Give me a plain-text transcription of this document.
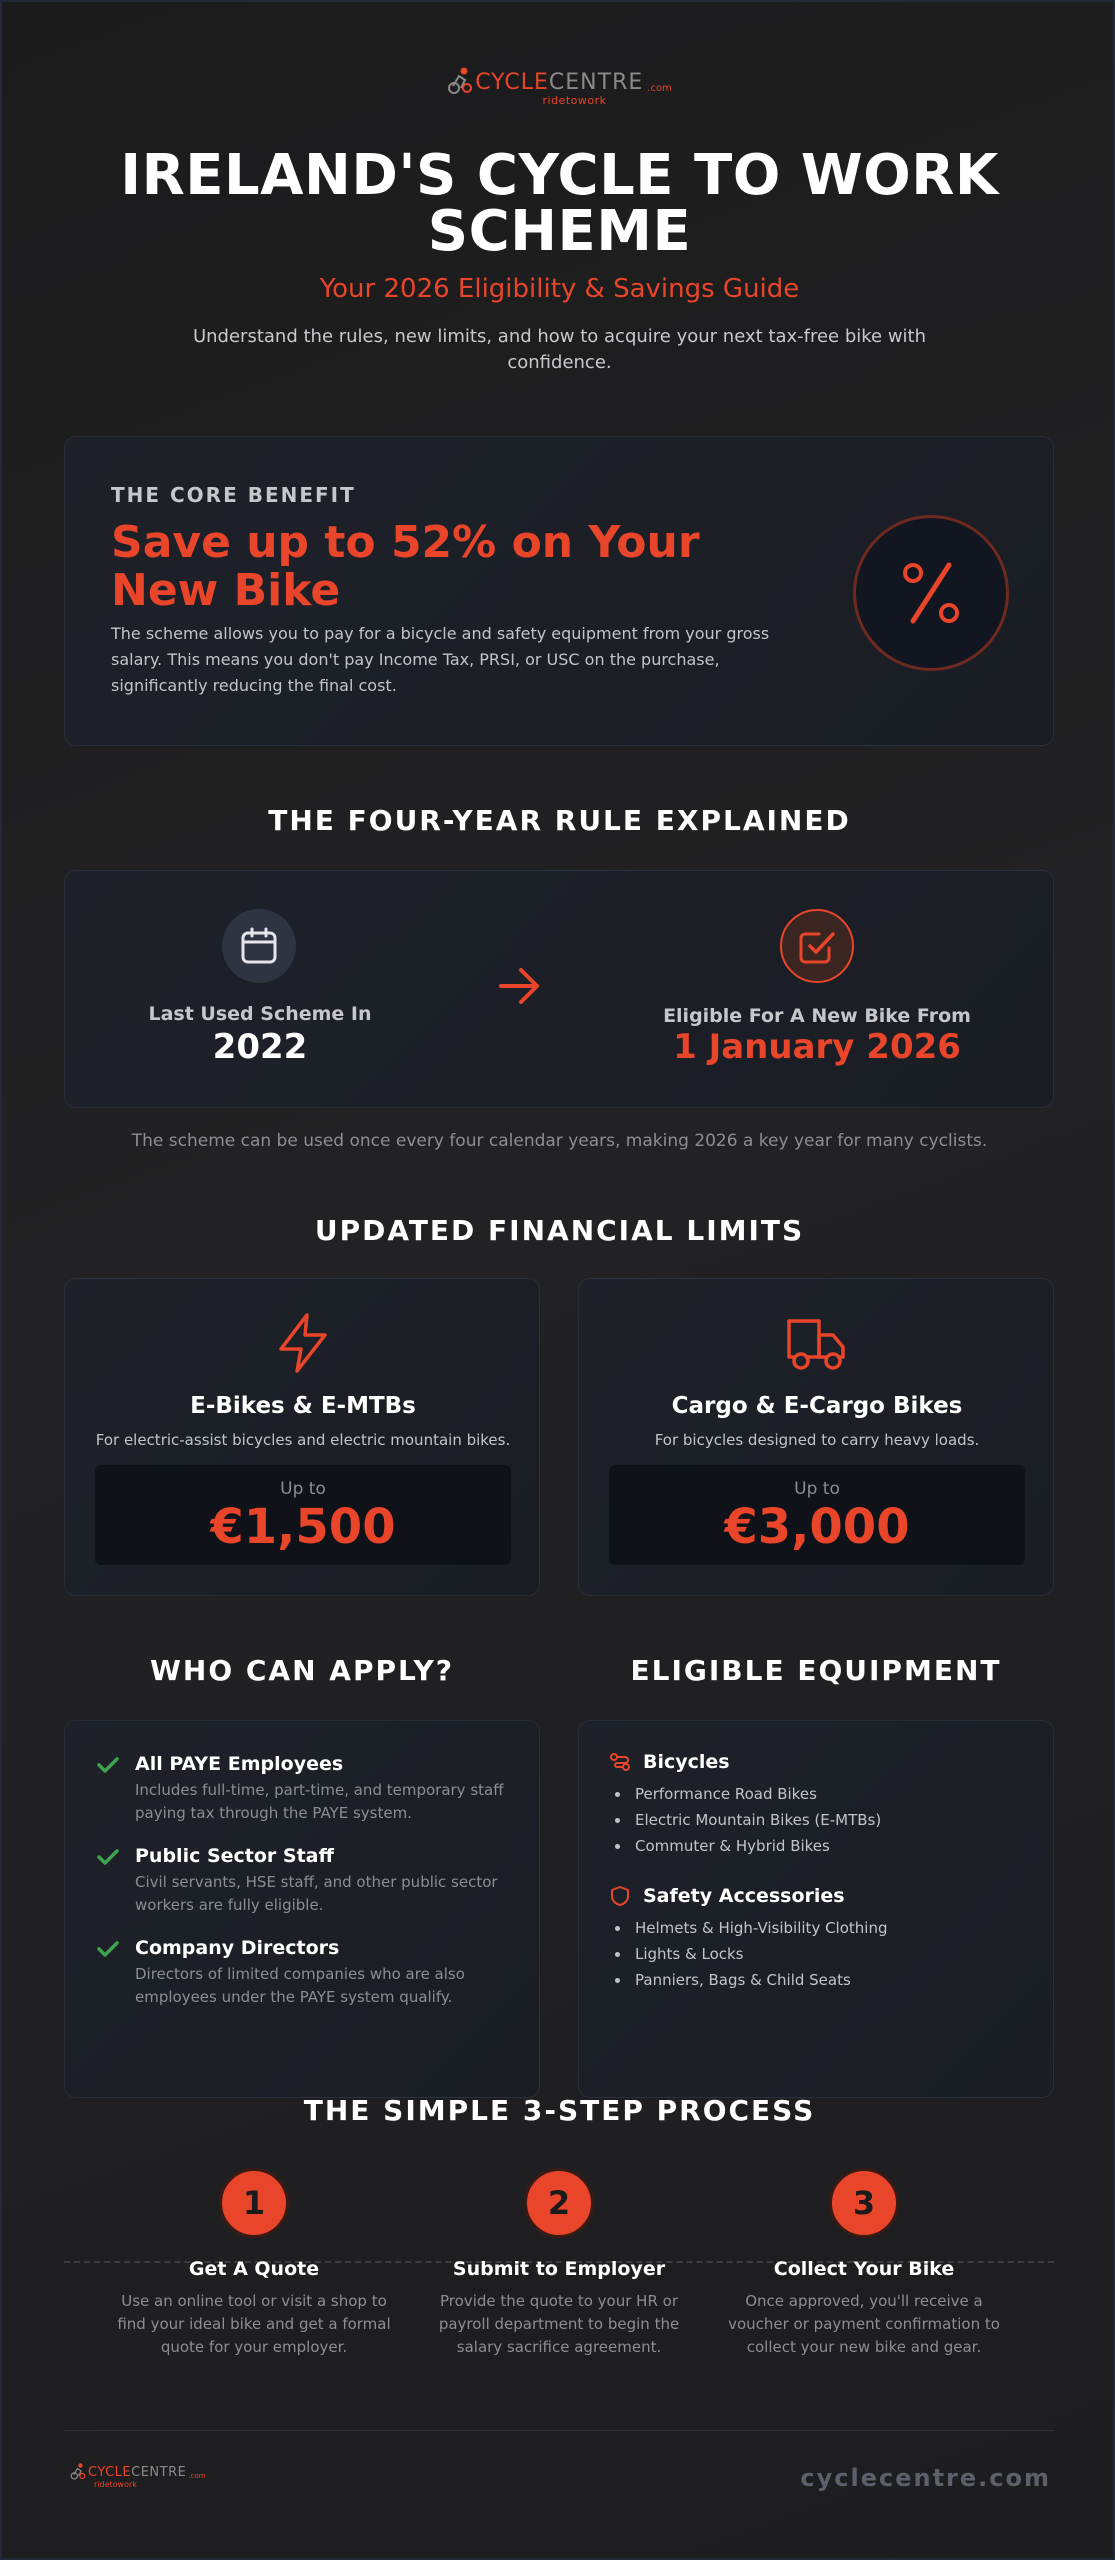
CYCLECENTRE .com
ridetowork
IRELAND'S CYCLE TO WORK
SCHEME
Your 2026 Eligibility & Savings Guide
Understand the rules, new limits, and how to acquire your next tax-free bike with
confidence.
THE CORE BENEFIT
Save up to 52% on Your
New Bike
The scheme allows you to pay for a bicycle and safety equipment from your gross
salary. This means you don't pay Income Tax, PRSI, or USC on the purchase,
significantly reducing the final cost.
THE FOUR-YEAR RULE EXPLAINED
Last Used Scheme In
2022
Eligible For A New Bike From
1 January 2026
The scheme can be used once every four calendar years, making 2026 a key year for many cyclists.
UPDATED FINANCIAL LIMITS
E-Bikes & E-MTBs
For electric-assist bicycles and electric mountain bikes.
Up to
€1,500
Cargo & E-Cargo Bikes
For bicycles designed to carry heavy loads.
Up to
€3,000
WHO CAN APPLY?	ELIGIBLE EQUIPMENT
All PAYE Employees
Includes full-time, part-time, and temporary staff
paying tax through the PAYE system.
Public Sector Staff
Civil servants, HSE staff, and other public sector
workers are fully eligible.
Company Directors
Directors of limited companies who are also
employees under the PAYE system qualify.
Bicycles
Performance Road Bikes
Electric Mountain Bikes (E-MTBs)
Commuter & Hybrid Bikes
Safety Accessories
Helmets & High-Visibility Clothing
Lights & Locks
Panniers, Bags & Child Seats
THE SIMPLE 3-STEP PROCESS
1
Get A Quote
Use an online tool or visit a shop to
find your ideal bike and get a formal
quote for your employer.
2
Submit to Employer
Provide the quote to your HR or
payroll department to begin the
salary sacrifice agreement.
3
Collect Your Bike
Once approved, you'll receive a
voucher or payment confirmation to
collect your new bike and gear.
CYCLECENTRE .com
ridetowork	cyclecentre.com
